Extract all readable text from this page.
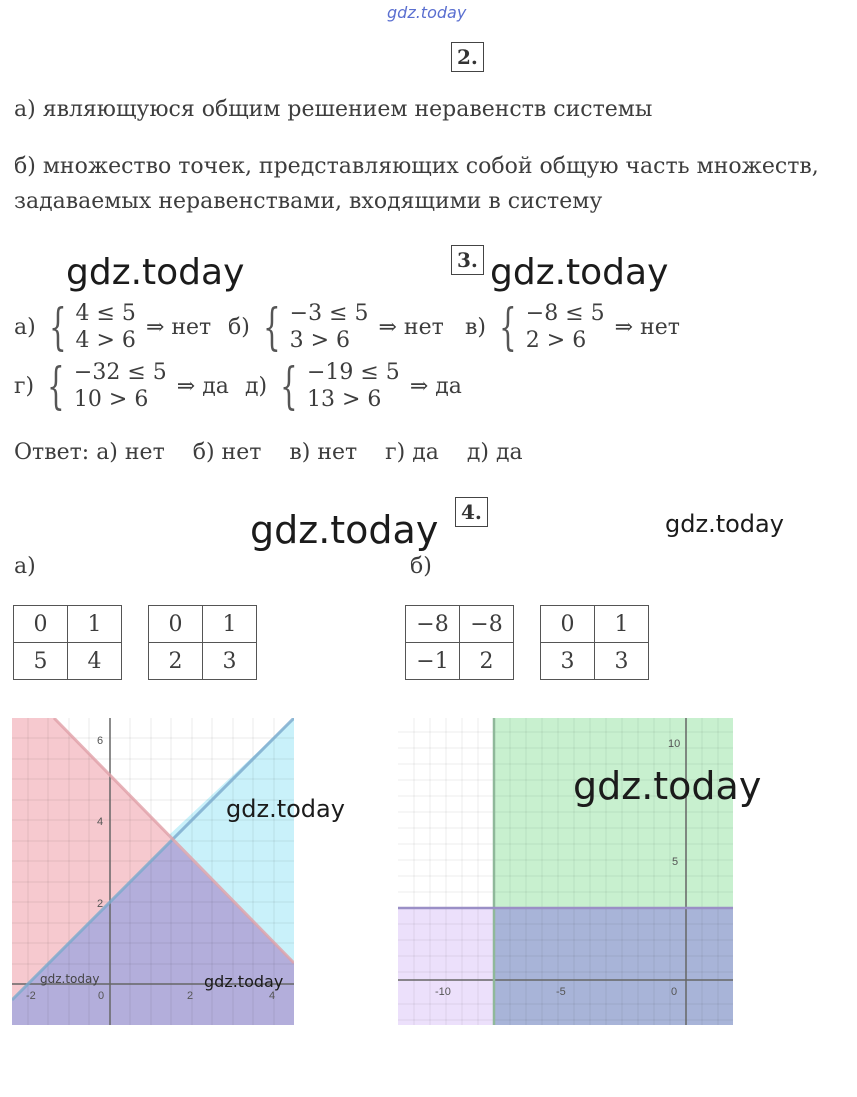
gdz.today
2.
а) являющуюся общим решением неравенств системы
б) множество точек, представляющих собой общую часть множеств,
задаваемых неравенствами, входящими в систему
gdz.today	3. gdz.today
а) { 4 ≤ 5
4 > 6
⇒ нет б) { −3 ≤ 5
3 > 6
⇒ нет в) { −8 ≤ 5
2 > 6
⇒ нет
г) { −32 ≤ 5
10 > 6
⇒ да д) { −19 ≤ 5
13 > 6
⇒ да
Ответ: а) нет    б) нет    в) нет    г) да    д) да
gdz.today	4.	gdz.today
а)	б)
0	1
5	4
0	1
2	3
−8	−8
−1	2
0	1
3	3
-2	0	2	4
6
4
2
gdz.today
gdz.today	gdz.today
-10	-5	0
10
5
gdz.today
